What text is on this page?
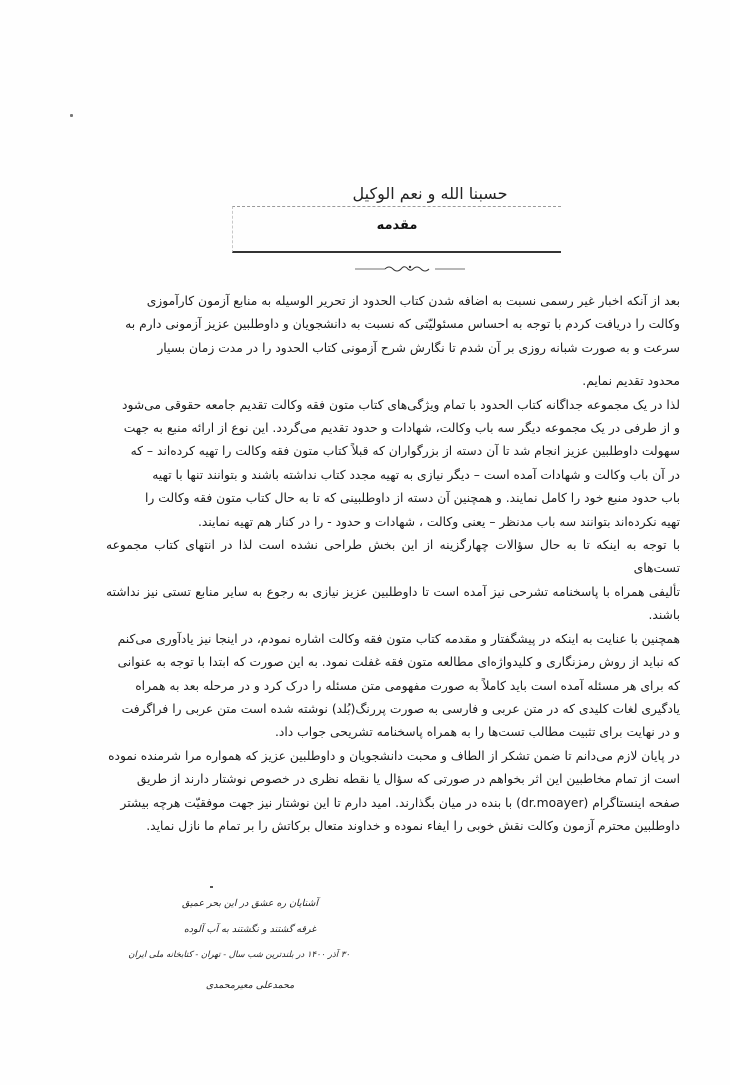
حسبنا الله و نعم الوکیل
مقدمه

بعد از آنکه اخبار غیر رسمی نسبت به اضافه شدن کتاب الحدود از تحریر الوسیله به منابع آزمون کارآموزی

وکالت را دریافت کردم با توجه به احساس مسئولیّتی که نسبت به دانشجویان و داوطلبین عزیز آزمونی دارم به

سرعت و به صورت شبانه روزی بر آن شدم تا نگارش شرح آزمونی کتاب الحدود را در مدت زمان بسیار

محدود تقدیم نمایم.

لذا در یک مجموعه جداگانه کتاب الحدود با تمام ویژگی‌های کتاب متون فقه وکالت تقدیم جامعه حقوقی می‌شود

و از طرفی در یک مجموعه دیگر سه باب وکالت، شهادات و حدود تقدیم می‌گردد. این نوع از ارائه منبع به جهت

سهولت داوطلبین عزیز انجام شد تا آن دسته از بزرگواران که قبلاً کتاب متون فقه وکالت را تهیه کرده‌اند – که

در آن باب وکالت و شهادات آمده است – دیگر نیازی به تهیه مجدد کتاب نداشته باشند و بتوانند تنها با تهیه

باب حدود منبع خود را کامل نمایند. و همچنین آن دسته از داوطلبینی که تا به حال کتاب متون فقه وکالت را

تهیه نکرده‌اند بتوانند سه باب مدنظر – یعنی وکالت ، شهادات و حدود - را در کنار هم تهیه نمایند.

با توجه به اینکه تا به حال سؤالات چهارگزینه از این بخش طراحی نشده است لذا در انتهای کتاب مجموعه تست‌های

تألیفی همراه با پاسخنامه تشرحی نیز آمده است تا داوطلبین عزیز نیازی به رجوع به سایر منابع تستی نیز نداشته باشند.

همچنین با عنایت به اینکه در پیشگفتار و مقدمه کتاب متون فقه وکالت اشاره نمودم، در اینجا نیز یادآوری می‌کنم

که نباید از روش رمزنگاری و کلیدواژه‌ای مطالعه متون فقه غفلت نمود. به این صورت که ابتدا با توجه به عنوانی

که برای هر مسئله آمده است باید کاملاً به صورت مفهومی متن مسئله را درک کرد و در مرحله بعد به همراه

یادگیری لغات کلیدی که در متن عربی و فارسی به صورت پررنگ(بُلد) نوشته شده است متن عربی را فراگرفت

و در نهایت برای تثبیت مطالب تست‌ها را به همراه پاسخنامه تشریحی جواب داد.

در پایان لازم می‌دانم تا ضمن تشکر از الطاف و محبت دانشجویان و داوطلبین عزیز که همواره مرا شرمنده نموده

است از تمام مخاطبین این اثر بخواهم در صورتی که سؤال یا نقطه نظری در خصوص نوشتار دارند از طریق

صفحه اینستاگرام (dr.moayer) با بنده در میان بگذارند. امید دارم تا این نوشتار نیز جهت موفقیّت هرچه بیشتر

داوطلبین محترم آزمون وکالت نقش خوبی را ایفاء نموده و خداوند متعال برکاتش را بر تمام ما نازل نماید.

آشنایان ره عشق در این بحر عمیق
غرقه گشتند و نگشتند به آب آلوده
۳۰ آذر ۱۴۰۰ در بلندترین شب سال - تهران - کتابخانه ملی ایران
محمدعلی معیرمحمدی
